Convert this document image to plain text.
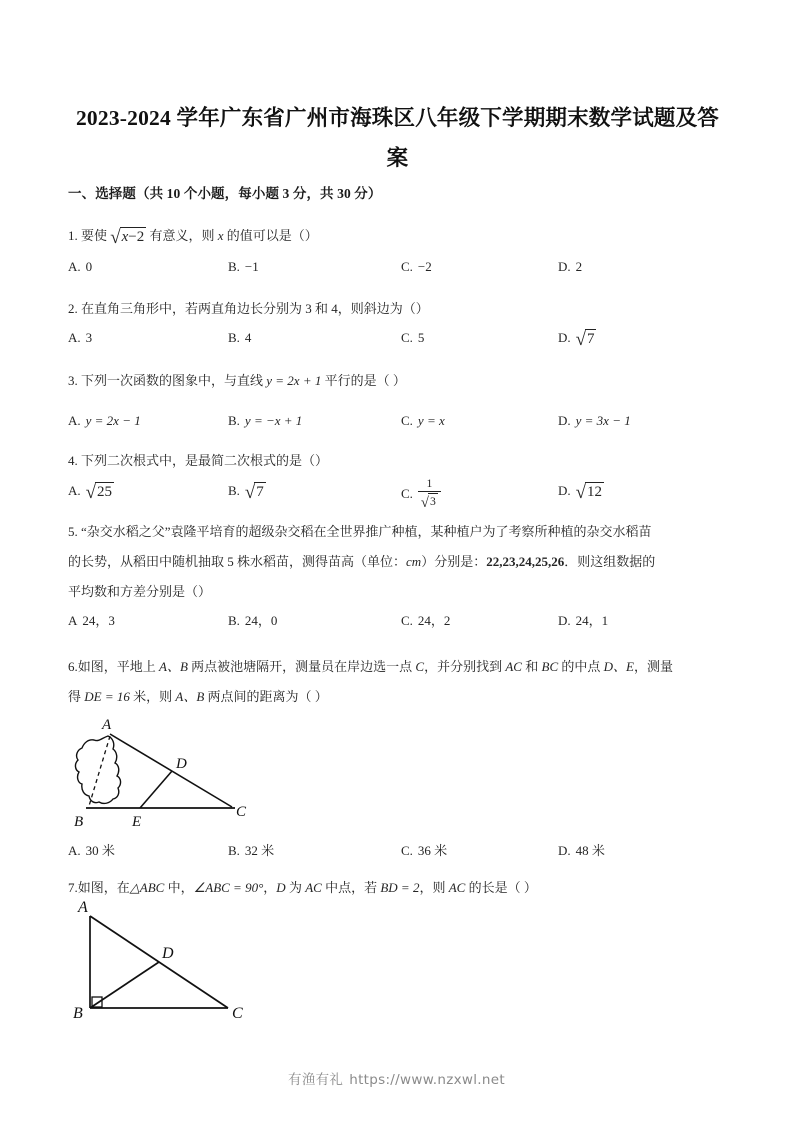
2023-2024 学年广东省广州市海珠区八年级下学期期末数学试题及答案
一、选择题（共 10 个小题，每小题 3 分，共 30 分）
1. 要使 √x−2 有意义，则 x 的值可以是（）
A. 0	B. −1	C. −2	D. 2
2. 在直角三角形中，若两直角边长分别为 3 和 4，则斜边为（）
A. 3	B. 4	C. 5	D. √7
3. 下列一次函数的图象中，与直线 y = 2x + 1 平行的是（ ）
A. y = 2x − 1	B. y = −x + 1	C. y = x	D. y = 3x − 1
4. 下列二次根式中，是最简二次根式的是（）
A. √25	B. √7	C. $\frac{1}{√3}$	D. √12
5. “杂交水稻之父”袁隆平培育的超级杂交稻在全世界推广种植，某种植户为了考察所种植的杂交水稻苗
的长势，从稻田中随机抽取 5 株水稻苗，测得苗高（单位：cm）分别是：22,23,24,25,26．则这组数据的
平均数和方差分别是（）
A 24，3	B. 24，0	C. 24，2	D. 24，1
6.如图，平地上 A、B 两点被池塘隔开，测量员在岸边选一点 C，并分别找到 AC 和 BC 的中点 D、E，测量
得 DE = 16 米，则 A、B 两点间的距离为（ ）
A
B
C
D
E
A. 30 米	B. 32 米	C. 36 米	D. 48 米
7.如图，在△ABC 中，∠ABC = 90°，D 为 AC 中点，若 BD = 2，则 AC 的长是（ ）
A
B	C
D
有渔有礼 https://www.nzxwl.net
